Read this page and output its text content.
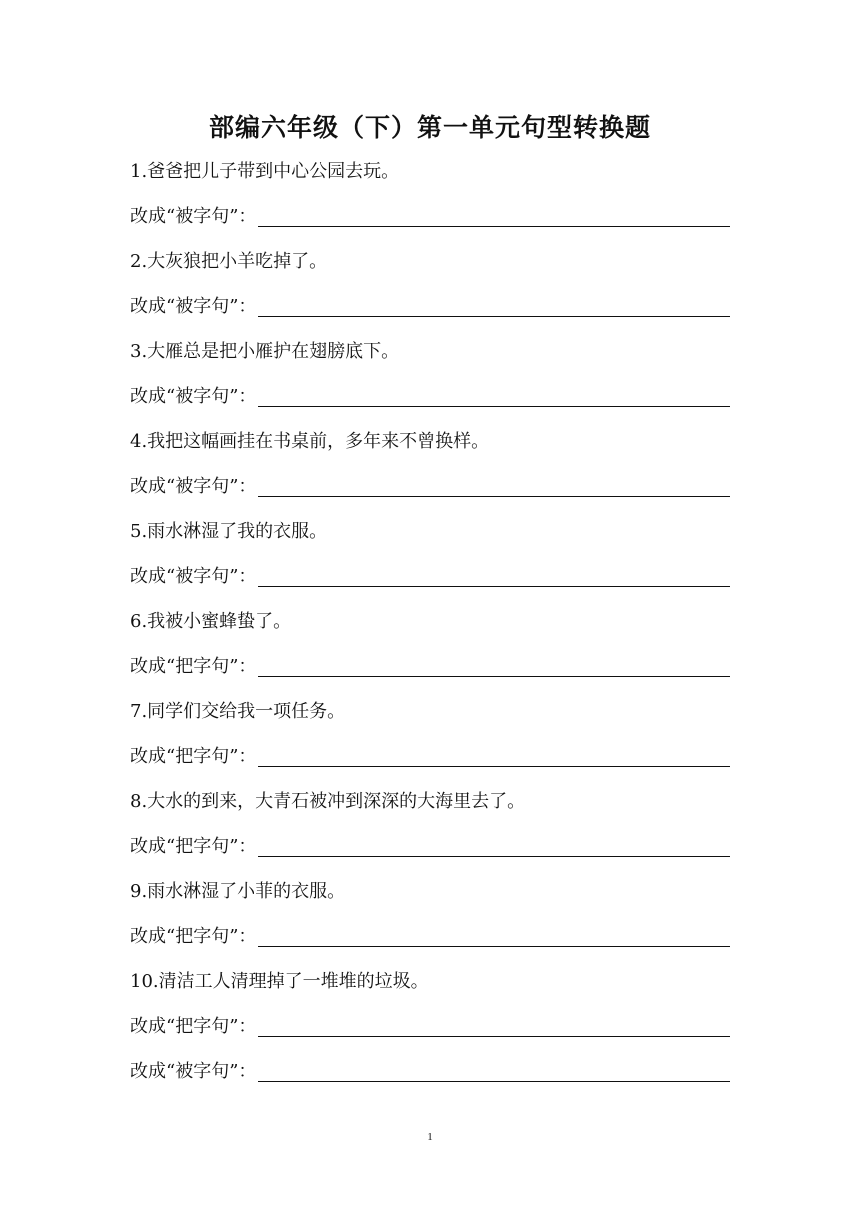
部编六年级（下）第一单元句型转换题
1.爸爸把儿子带到中心公园去玩。
改成“被字句”：
2.大灰狼把小羊吃掉了。
改成“被字句”：
3.大雁总是把小雁护在翅膀底下。
改成“被字句”：
4.我把这幅画挂在书桌前，多年来不曾换样。
改成“被字句”：
5.雨水淋湿了我的衣服。
改成“被字句”：
6.我被小蜜蜂蛰了。
改成“把字句”：
7.同学们交给我一项任务。
改成“把字句”：
8.大水的到来，大青石被冲到深深的大海里去了。
改成“把字句”：
9.雨水淋湿了小菲的衣服。
改成“把字句”：
10.清洁工人清理掉了一堆堆的垃圾。
改成“把字句”：
改成“被字句”：
1
